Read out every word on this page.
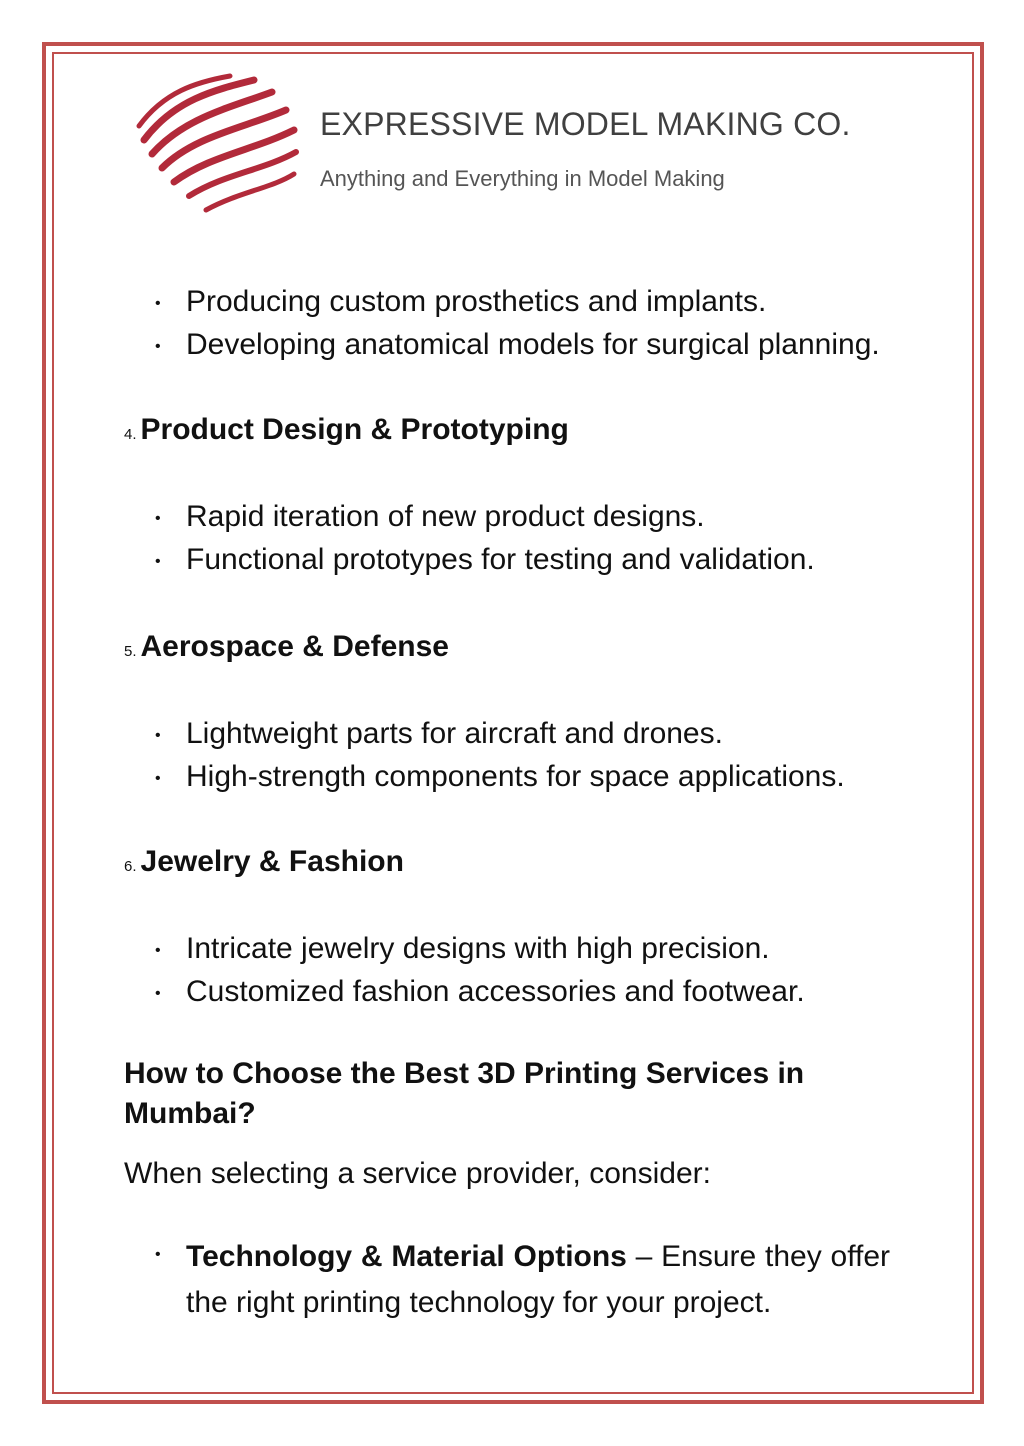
EXPRESSIVE MODEL MAKING CO.
Anything and Everything in Model Making
• Producing custom prosthetics and implants.
• Developing anatomical models for surgical planning.
4. Product Design & Prototyping
• Rapid iteration of new product designs.
• Functional prototypes for testing and validation.
5. Aerospace & Defense
• Lightweight parts for aircraft and drones.
• High-strength components for space applications.
6. Jewelry & Fashion
• Intricate jewelry designs with high precision.
• Customized fashion accessories and footwear.
How to Choose the Best 3D Printing Services in Mumbai?
When selecting a service provider, consider:
• Technology & Material Options – Ensure they offer the right printing technology for your project.
